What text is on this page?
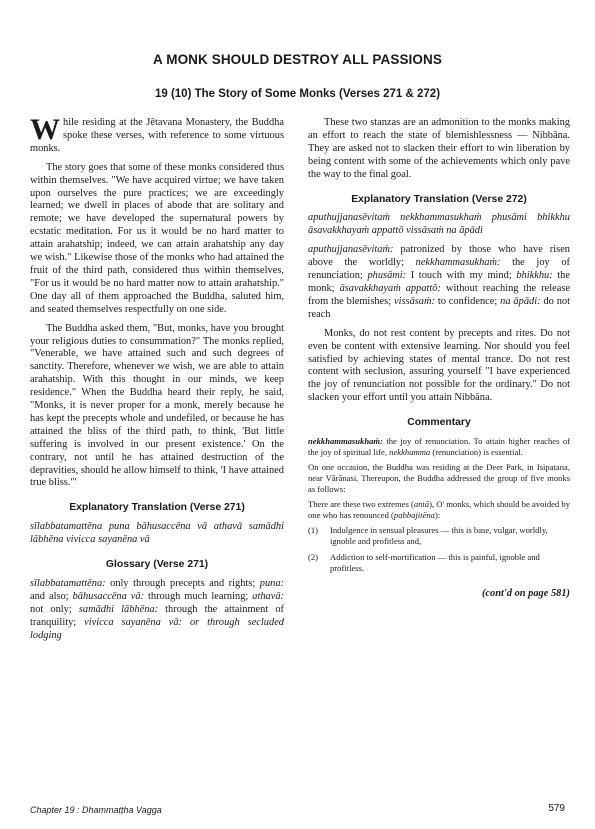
A MONK SHOULD DESTROY ALL PASSIONS
19 (10) The Story of Some Monks (Verses 271 & 272)

While residing at the Jētavana Monastery, the Buddha spoke these verses, with reference to some virtuous monks.

The story goes that some of these monks considered thus within themselves. "We have acquired virtue; we have taken upon ourselves the pure practices; we are exceedingly learned; we dwell in places of abode that are solitary and remote; we have developed the supernatural powers by ecstatic meditation. For us it would be no hard matter to attain arahatship; indeed, we can attain arahatship any day we wish." Likewise those of the monks who had attained the fruit of the third path, considered thus within themselves, "For us it would be no hard matter now to attain arahatship." One day all of them approached the Buddha, saluted him, and seated themselves respectfully on one side.

The Buddha asked them, "But, monks, have you brought your religious duties to consummation?" The monks replied, "Venerable, we have attained such and such degrees of sanctity. Therefore, whenever we wish, we are able to attain arahatship. With this thought in our minds, we keep residence." When the Buddha heard their reply, he said, "Monks, it is never proper for a monk, merely because he has kept the precepts whole and undefiled, or because he has attained the bliss of the third path, to think, 'But little suffering is involved in our present existence.' On the contrary, not until he has attained destruction of the depravities, should he allow himself to think, 'I have attained true bliss.'"

Explanatory Translation (Verse 271)

sīlabbatamattēna puna bāhusaccēna vā athavā samādhi lābhēna vivicca sayanēna vā

Glossary (Verse 271)

sīlabbatamattēna: only through precepts and rights; puna: and also; bāhusaccēna vā: through much learning; athavā: not only; samādhi lābhēna: through the attainment of tranquility; vivicca sayanēna vā: or through secluded lodging

These two stanzas are an admonition to the monks making an effort to reach the state of blemishlessness — Nibbāna. They are asked not to slacken their effort to win liberation by being content with some of the achievements which only pave the way to the final goal.

Explanatory Translation (Verse 272)

aputhujjanasēvitaṁ nekkhammasukhaṁ phusāmi bhikkhu āsavakkhayaṁ appattō vissāsaṁ na āpādi

aputhujjanasēvitaṁ: patronized by those who have risen above the worldly; nekkhammasukhaṁ: the joy of renunciation; phusāmi: I touch with my mind; bhikkhu: the monk; āsavakkhayaṁ appattō: without reaching the release from the blemishes; vissāsaṁ: to confidence; na āpādi: do not reach

Monks, do not rest content by precepts and rites. Do not even be content with extensive learning. Nor should you feel satisfied by achieving states of mental trance. Do not rest content with seclusion, assuring yourself "I have experienced the joy of renunciation not possible for the ordinary." Do not slacken your effort until you attain Nibbāna.

Commentary

nekkhammasukhaṁ: the joy of renunciation. To attain higher reaches of the joy of spiritual life, nekkhamma (renunciation) is essential.

On one occasion, the Buddha was residing at the Deer Park, in Isipatana, near Vārānasi. Thereupon, the Buddha addressed the group of five monks as follows:

There are these two extremes (antā), O' monks, which should be avoided by one who has renounced (pabbajitēna):

(1)	Indulgence in sensual pleasures — this is base, vulgar, worldly, ignoble and profitless and,
(2)	Addiction to self-mortification — this is painful, ignoble and profitless.
(cont'd on page 581)
Chapter 19 : Dhammaṭṭha Vagga	579
